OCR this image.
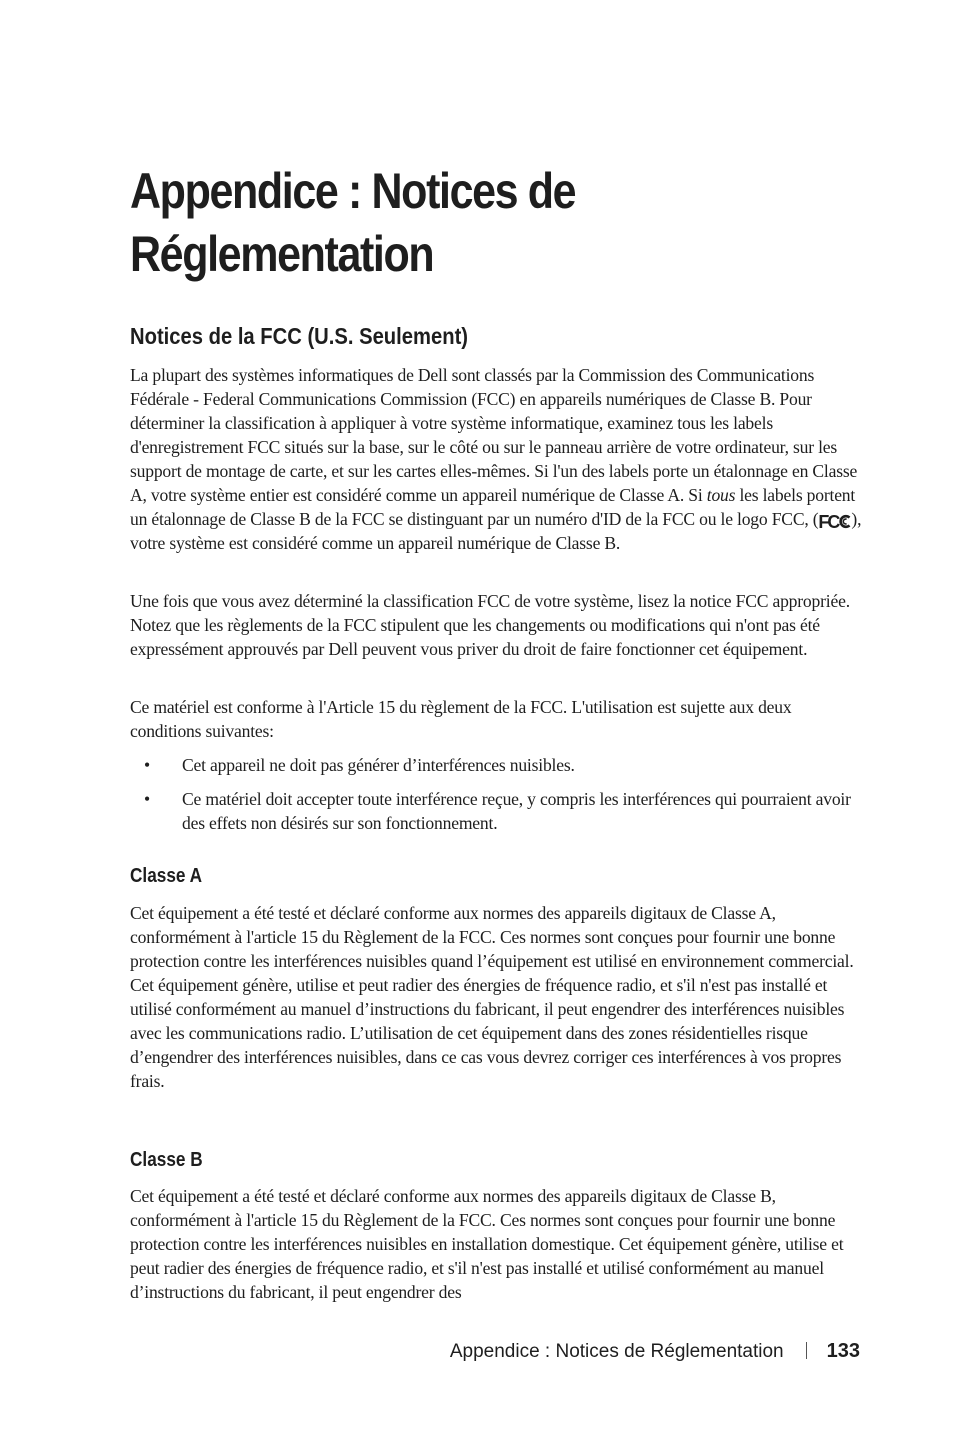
Appendice : Notices de
Réglementation
Notices de la FCC (U.S. Seulement)

La plupart des systèmes informatiques de Dell sont classés par la Commission des Communications Fédérale - Federal Communications Commission (FCC) en appareils numériques de Classe B. Pour déterminer la classification à appliquer à votre système informatique, examinez tous les labels d'enregistrement FCC situés sur la base, sur le côté ou sur le panneau arrière de votre ordinateur, sur les support de montage de carte, et sur les cartes elles-mêmes. Si l'un des labels porte un étalonnage en Classe A, votre système entier est considéré comme un appareil numérique de Classe A. Si tous les labels portent un étalonnage de Classe B de la FCC se distinguant par un numéro d'ID de la FCC ou le logo FCC, (FC ), votre système est considéré comme un appareil numérique de Classe B.

Une fois que vous avez déterminé la classification FCC de votre système, lisez la notice FCC appropriée. Notez que les règlements de la FCC stipulent que les changements ou modifications qui n'ont pas été expressément approuvés par Dell peuvent vous priver du droit de faire fonctionner cet équipement.

Ce matériel est conforme à l'Article 15 du règlement de la FCC. L'utilisation est sujette aux deux conditions suivantes:

• Cet appareil ne doit pas générer d’interférences nuisibles.
• Ce matériel doit accepter toute interférence reçue, y compris les interférences qui pourraient avoir des effets non désirés sur son fonctionnement.
Classe A

Cet équipement a été testé et déclaré conforme aux normes des appareils digitaux de Classe A, conformément à l'article 15 du Règlement de la FCC. Ces normes sont conçues pour fournir une bonne protection contre les interférences nuisibles quand l’équipement est utilisé en environnement commercial. Cet équipement génère, utilise et peut radier des énergies de fréquence radio, et s'il n'est pas installé et utilisé conformément au manuel d’instructions du fabricant, il peut engendrer des interférences nuisibles avec les communications radio. L’utilisation de cet équipement dans des zones résidentielles risque d’engendrer des interférences nuisibles, dans ce cas vous devrez corriger ces interférences à vos propres frais.

Classe B

Cet équipement a été testé et déclaré conforme aux normes des appareils digitaux de Classe B, conformément à l'article 15 du Règlement de la FCC. Ces normes sont conçues pour fournir une bonne protection contre les interférences nuisibles en installation domestique. Cet équipement génère, utilise et peut radier des énergies de fréquence radio, et s'il n'est pas installé et utilisé conformément au manuel d’instructions du fabricant, il peut engendrer des

Appendice : Notices de Réglementation 133
